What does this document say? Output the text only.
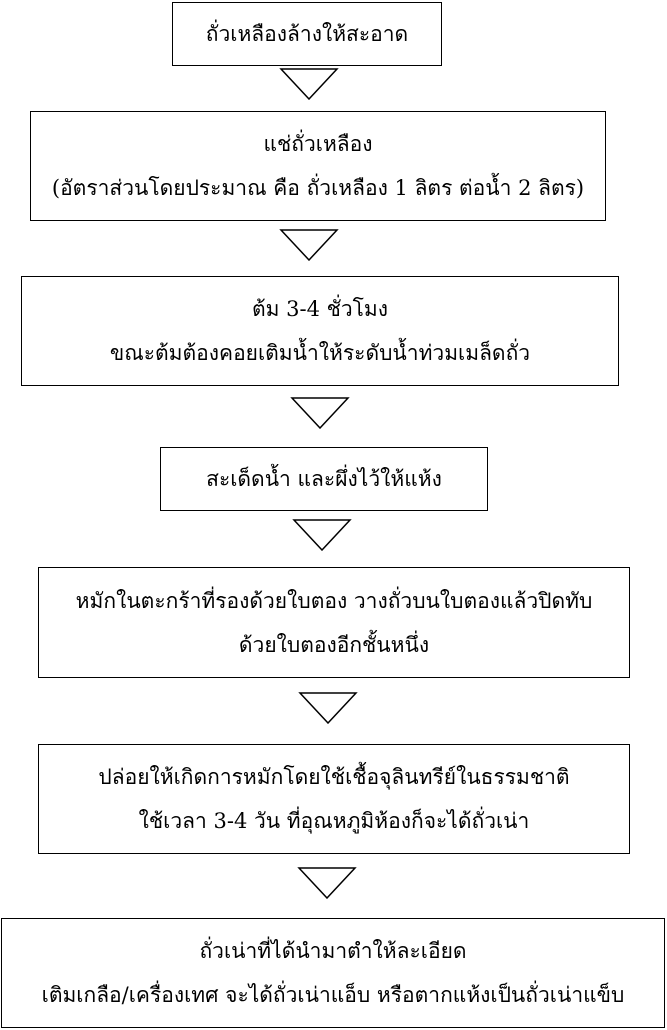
ถั่วเหลืองล้างให้สะอาด
แช่ถั่วเหลือง
(อัตราส่วนโดยประมาณ คือ ถั่วเหลือง 1 ลิตร ต่อน้ำ 2 ลิตร)
ต้ม 3-4 ชั่วโมง
ขณะต้มต้องคอยเติมน้ำให้ระดับน้ำท่วมเมล็ดถั่ว
สะเด็ดน้ำ และผึ่งไว้ให้แห้ง
หมักในตะกร้าที่รองด้วยใบตอง วางถั่วบนใบตองแล้วปิดทับ
ด้วยใบตองอีกชั้นหนึ่ง
ปล่อยให้เกิดการหมักโดยใช้เชื้อจุลินทรีย์ในธรรมชาติ
ใช้เวลา 3-4 วัน ที่อุณหภูมิห้องก็จะได้ถั่วเน่า
ถั่วเน่าที่ได้นำมาตำให้ละเอียด
เติมเกลือ/เครื่องเทศ จะได้ถั่วเน่าแอ็บ หรือตากแห้งเป็นถั่วเน่าแข็บ
